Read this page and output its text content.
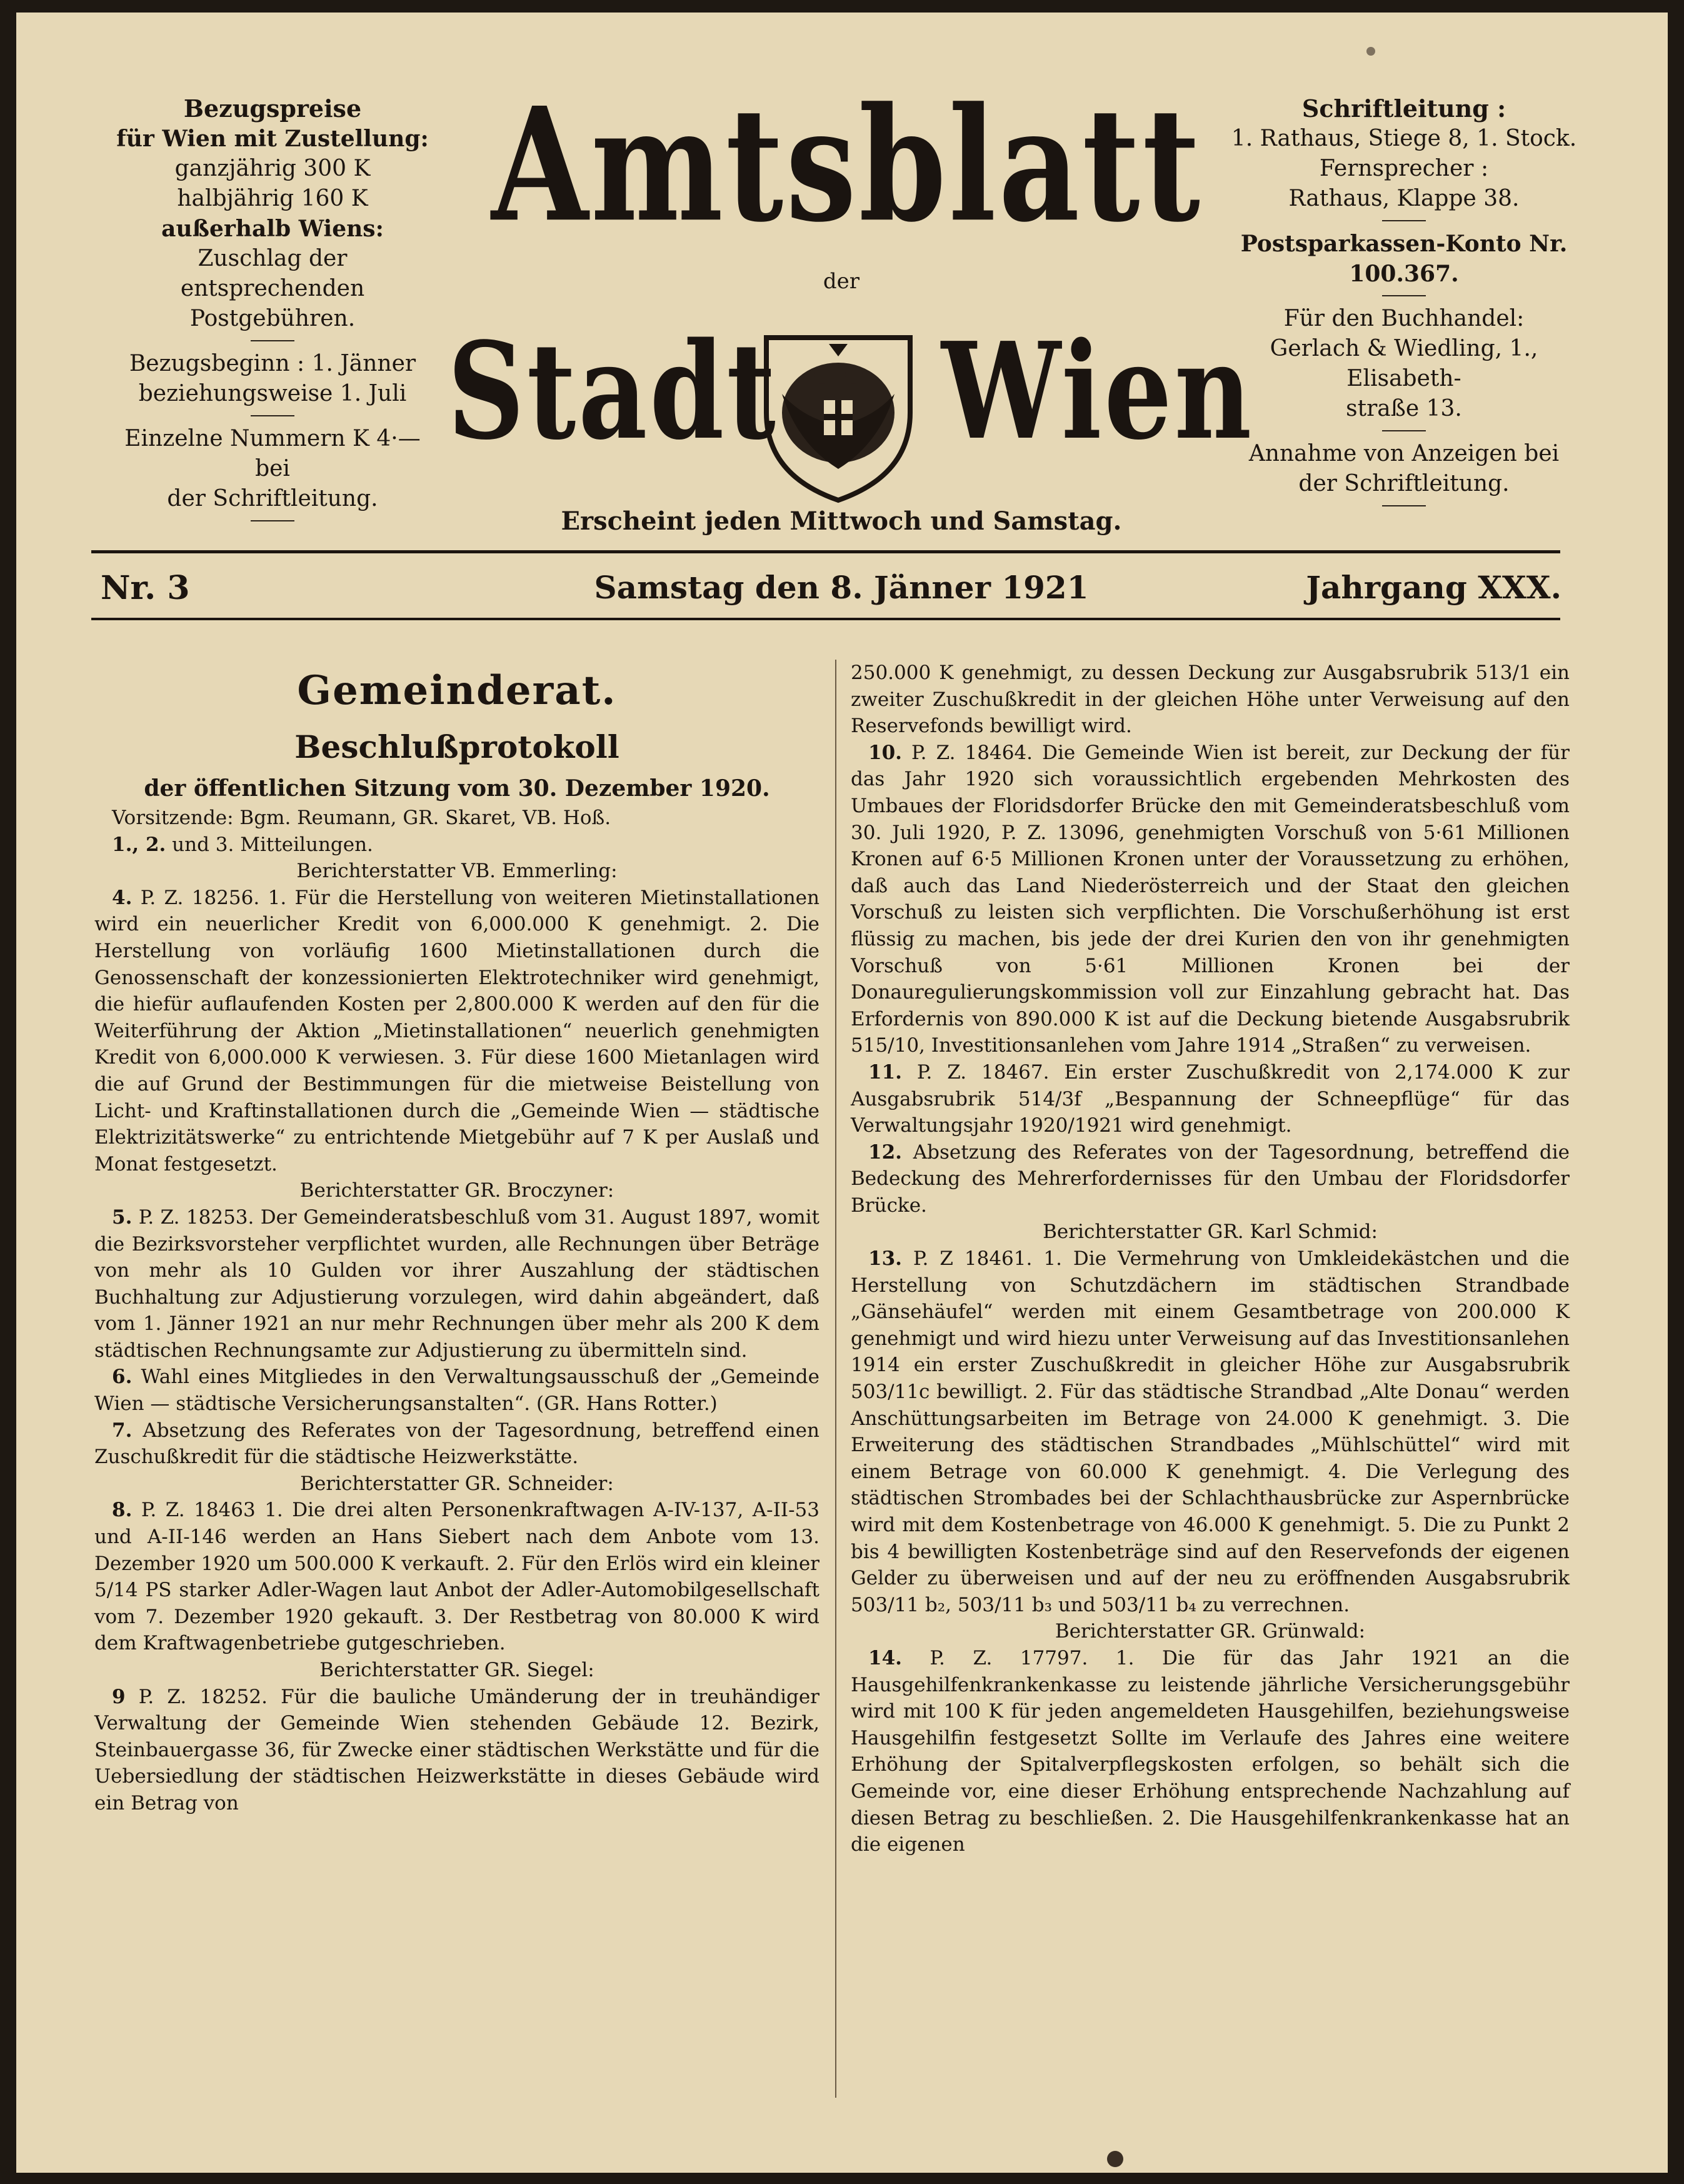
Bezugspreise
für Wien mit Zustellung:
ganzjährig 300 K
halbjährig 160 K
außerhalb Wiens:
Zuschlag der entsprechenden
Postgebühren.
Bezugsbeginn : 1. Jänner
beziehungsweise 1. Juli
Einzelne Nummern K 4·— bei
der Schriftleitung.
Amtsblatt
der
Stadt Wien
Erscheint jeden Mittwoch und Samstag.
Schriftleitung :
1. Rathaus, Stiege 8, 1. Stock.
Fernsprecher :
Rathaus, Klappe 38.
Postsparkassen-Konto Nr. 100.367.
Für den Buchhandel:
Gerlach & Wiedling, 1., Elisabeth-
straße 13.
Annahme von Anzeigen bei
der Schriftleitung.
Nr. 3	Samstag den 8. Jänner 1921	Jahrgang XXX.

Gemeinderat.

Beschlußprotokoll

der öffentlichen Sitzung vom 30. Dezember 1920.

Vorsitzende: Bgm. Reumann, GR. Skaret, VB. Hoß.

1., 2. und 3. Mitteilungen.

Berichterstatter VB. Emmerling:

4. P. Z. 18256. 1. Für die Herstellung von weiteren Mietinstallationen wird ein neuerlicher Kredit von 6,000.000 K genehmigt. 2. Die Herstellung von vorläufig 1600 Mietinstallationen durch die Genossenschaft der konzessionierten Elektrotechniker wird genehmigt, die hiefür auflaufenden Kosten per 2,800.000 K werden auf den für die Weiterführung der Aktion „Mietinstallationen“ neuerlich genehmigten Kredit von 6,000.000 K verwiesen. 3. Für diese 1600 Mietanlagen wird die auf Grund der Bestimmungen für die mietweise Beistellung von Licht- und Kraftinstallationen durch die „Gemeinde Wien — städtische Elektrizitätswerke“ zu entrichtende Mietgebühr auf 7 K per Auslaß und Monat festgesetzt.

Berichterstatter GR. Broczyner:

5. P. Z. 18253. Der Gemeinderatsbeschluß vom 31. August 1897, womit die Bezirksvorsteher verpflichtet wurden, alle Rechnungen über Beträge von mehr als 10 Gulden vor ihrer Auszahlung der städtischen Buchhaltung zur Adjustierung vorzulegen, wird dahin abgeändert, daß vom 1. Jänner 1921 an nur mehr Rechnungen über mehr als 200 K dem städtischen Rechnungsamte zur Adjustierung zu übermitteln sind.

6. Wahl eines Mitgliedes in den Verwaltungsausschuß der „Gemeinde Wien — städtische Versicherungsanstalten“. (GR. Hans Rotter.)

7. Absetzung des Referates von der Tagesordnung, betreffend einen Zuschußkredit für die städtische Heizwerkstätte.

Berichterstatter GR. Schneider:

8. P. Z. 18463 1. Die drei alten Personenkraftwagen A-IV-137, A-II-53 und A-II-146 werden an Hans Siebert nach dem Anbote vom 13. Dezember 1920 um 500.000 K verkauft. 2. Für den Erlös wird ein kleiner 5/14 PS starker Adler-Wagen laut Anbot der Adler-Automobilgesellschaft vom 7. Dezember 1920 gekauft. 3. Der Restbetrag von 80.000 K wird dem Kraftwagenbetriebe gutgeschrieben.

Berichterstatter GR. Siegel:

9 P. Z. 18252. Für die bauliche Umänderung der in treuhändiger Verwaltung der Gemeinde Wien stehenden Gebäude 12. Bezirk, Steinbauergasse 36, für Zwecke einer städtischen Werkstätte und für die Uebersiedlung der städtischen Heizwerkstätte in dieses Gebäude wird ein Betrag von

250.000 K genehmigt, zu dessen Deckung zur Ausgabsrubrik 513/1 ein zweiter Zuschußkredit in der gleichen Höhe unter Verweisung auf den Reservefonds bewilligt wird.

10. P. Z. 18464. Die Gemeinde Wien ist bereit, zur Deckung der für das Jahr 1920 sich voraussichtlich ergebenden Mehrkosten des Umbaues der Floridsdorfer Brücke den mit Gemeinderatsbeschluß vom 30. Juli 1920, P. Z. 13096, genehmigten Vorschuß von 5·61 Millionen Kronen auf 6·5 Millionen Kronen unter der Voraussetzung zu erhöhen, daß auch das Land Niederösterreich und der Staat den gleichen Vorschuß zu leisten sich verpflichten. Die Vorschußerhöhung ist erst flüssig zu machen, bis jede der drei Kurien den von ihr genehmigten Vorschuß von 5·61 Millionen Kronen bei der Donauregulierungskommission voll zur Einzahlung gebracht hat. Das Erfordernis von 890.000 K ist auf die Deckung bietende Ausgabsrubrik 515/10, Investitionsanlehen vom Jahre 1914 „Straßen“ zu verweisen.

11. P. Z. 18467. Ein erster Zuschußkredit von 2,174.000 K zur Ausgabsrubrik 514/3f „Bespannung der Schneepflüge“ für das Verwaltungsjahr 1920/1921 wird genehmigt.

12. Absetzung des Referates von der Tagesordnung, betreffend die Bedeckung des Mehrerfordernisses für den Umbau der Floridsdorfer Brücke.

Berichterstatter GR. Karl Schmid:

13. P. Z 18461. 1. Die Vermehrung von Umkleidekästchen und die Herstellung von Schutzdächern im städtischen Strandbade „Gänsehäufel“ werden mit einem Gesamtbetrage von 200.000 K genehmigt und wird hiezu unter Verweisung auf das Investitionsanlehen 1914 ein erster Zuschußkredit in gleicher Höhe zur Ausgabsrubrik 503/11c bewilligt. 2. Für das städtische Strandbad „Alte Donau“ werden Anschüttungsarbeiten im Betrage von 24.000 K genehmigt. 3. Die Erweiterung des städtischen Strandbades „Mühlschüttel“ wird mit einem Betrage von 60.000 K genehmigt. 4. Die Verlegung des städtischen Strombades bei der Schlachthausbrücke zur Aspernbrücke wird mit dem Kostenbetrage von 46.000 K genehmigt. 5. Die zu Punkt 2 bis 4 bewilligten Kostenbeträge sind auf den Reservefonds der eigenen Gelder zu überweisen und auf der neu zu eröffnenden Ausgabsrubrik 503/11 b₂, 503/11 b₃ und 503/11 b₄ zu verrechnen.

Berichterstatter GR. Grünwald:

14. P. Z. 17797. 1. Die für das Jahr 1921 an die Hausgehilfenkrankenkasse zu leistende jährliche Versicherungsgebühr wird mit 100 K für jeden angemeldeten Hausgehilfen, beziehungsweise Hausgehilfin festgesetzt Sollte im Verlaufe des Jahres eine weitere Erhöhung der Spitalverpflegskosten erfolgen, so behält sich die Gemeinde vor, eine dieser Erhöhung entsprechende Nachzahlung auf diesen Betrag zu beschließen. 2. Die Hausgehilfenkrankenkasse hat an die eigenen
